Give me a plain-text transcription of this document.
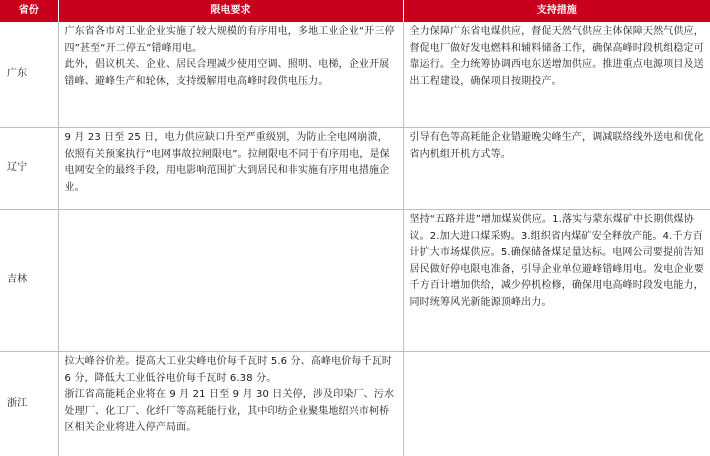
省份	限电要求	支持措施
广东	广东省各市对工业企业实施了较大规模的有序用电，多地工业企业“开三停四”甚至“开二停五”错峰用电。
此外，倡议机关、企业、居民合理减少使用空调、照明、电梯，企业开展错峰、避峰生产和轮休，支持缓解用电高峰时段供电压力。	全力保障广东省电煤供应，督促天然气供应主体保障天然气供应，督促电厂做好发电燃料和辅料储备工作，确保高峰时段机组稳定可靠运行。全力统筹协调西电东送增加供应。推进重点电源项目及送出工程建设，确保项目按期投产。

辽宁	9 月 23 日至 25 日，电力供应缺口升至严重级别，为防止全电网崩溃，依照有关预案执行“电网事故拉闸限电”。拉闸限电不同于有序用电，是保电网安全的最终手段，用电影响范围扩大到居民和非实施有序用电措施企业。	引导有色等高耗能企业错避晚尖峰生产，调减联络线外送电和优化省内机组开机方式等。

吉林		坚持“五路并进”增加煤炭供应。1.落实与蒙东煤矿中长期供煤协议。2.加大进口煤采购。3.组织省内煤矿安全释放产能。4.千方百计扩大市场煤供应。5.确保储备煤足量达标。电网公司要提前告知居民做好停电限电准备，引导企业单位避峰错峰用电。发电企业要千方百计增加供给，减少停机检修，确保用电高峰时段发电能力，同时统筹风光新能源顶峰出力。

浙江	拉大峰谷价差。提高大工业尖峰电价每千瓦时 5.6 分、高峰电价每千瓦时 6 分，降低大工业低谷电价每千瓦时 6.38 分。
浙江省高能耗企业将在 9 月 21 日至 9 月 30 日关停，涉及印染厂、污水处理厂、化工厂、化纤厂等高耗能行业，其中印纺企业聚集地绍兴市柯桥区相关企业将进入停产局面。	
